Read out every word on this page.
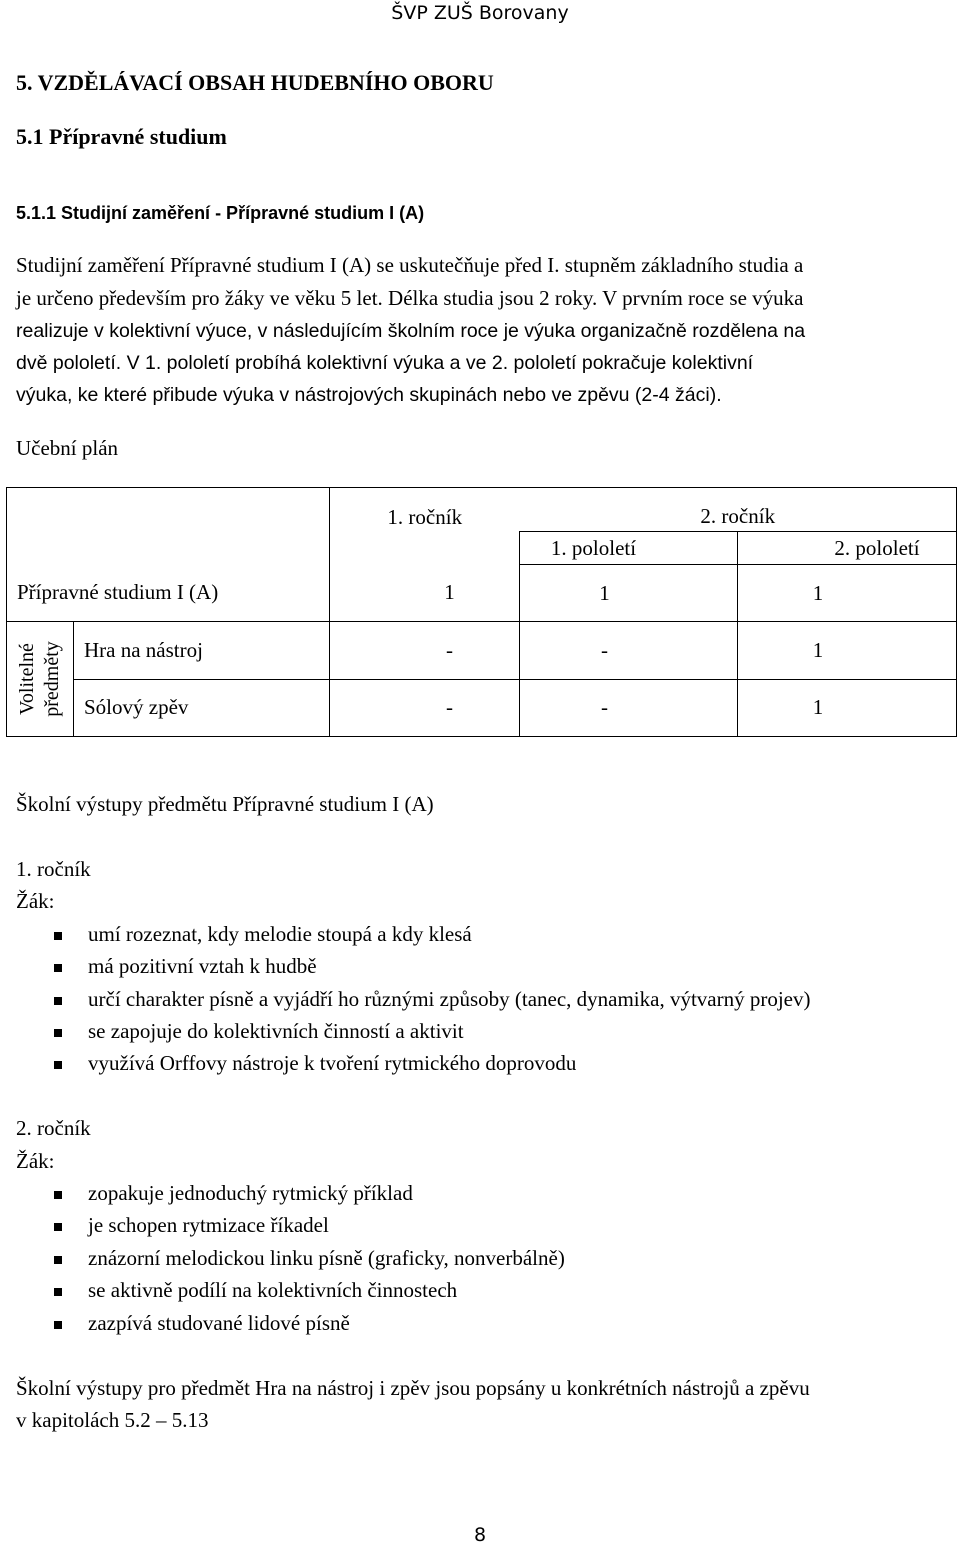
ŠVP ZUŠ Borovany
5. VZDĚLÁVACÍ OBSAH HUDEBNÍHO OBORU
5.1 Přípravné studium
5.1.1 Studijní zaměření - Přípravné studium I (A)
Studijní zaměření Přípravné studium I (A) se uskutečňuje před I. stupněm základního studia a
je určeno především pro žáky ve věku 5 let. Délka studia jsou 2 roky. V prvním roce se výuka
realizuje v kolektivní výuce, v následujícím školním roce je výuka organizačně rozdělena na
dvě pololetí. V 1. pololetí probíhá kolektivní výuka a ve 2. pololetí pokračuje kolektivní
výuka, ke které přibude výuka v nástrojových skupinách nebo ve zpěvu (2-4 žáci).
Učební plán
		1. ročník	2. ročník	
			1. pololetí	2. pololetí
Přípravné studium I (A)		1	1	1

Volitelné předměty	Hra na nástroj	-	-	1
	Sólový zpěv	-	-	1
Školní výstupy předmětu Přípravné studium I (A)
1. ročník
Žák:
umí rozeznat, kdy melodie stoupá a kdy klesá
má pozitivní vztah k hudbě
určí charakter písně a vyjádří ho různými způsoby (tanec, dynamika, výtvarný projev)
se zapojuje do kolektivních činností a aktivit
využívá Orffovy nástroje k tvoření rytmického doprovodu
2. ročník
Žák:
zopakuje jednoduchý rytmický příklad
je schopen rytmizace říkadel
znázorní melodickou linku písně (graficky, nonverbálně)
se aktivně podílí na kolektivních činnostech
zazpívá studované lidové písně
Školní výstupy pro předmět Hra na nástroj i zpěv jsou popsány u konkrétních nástrojů a zpěvu
v kapitolách 5.2 – 5.13
8
